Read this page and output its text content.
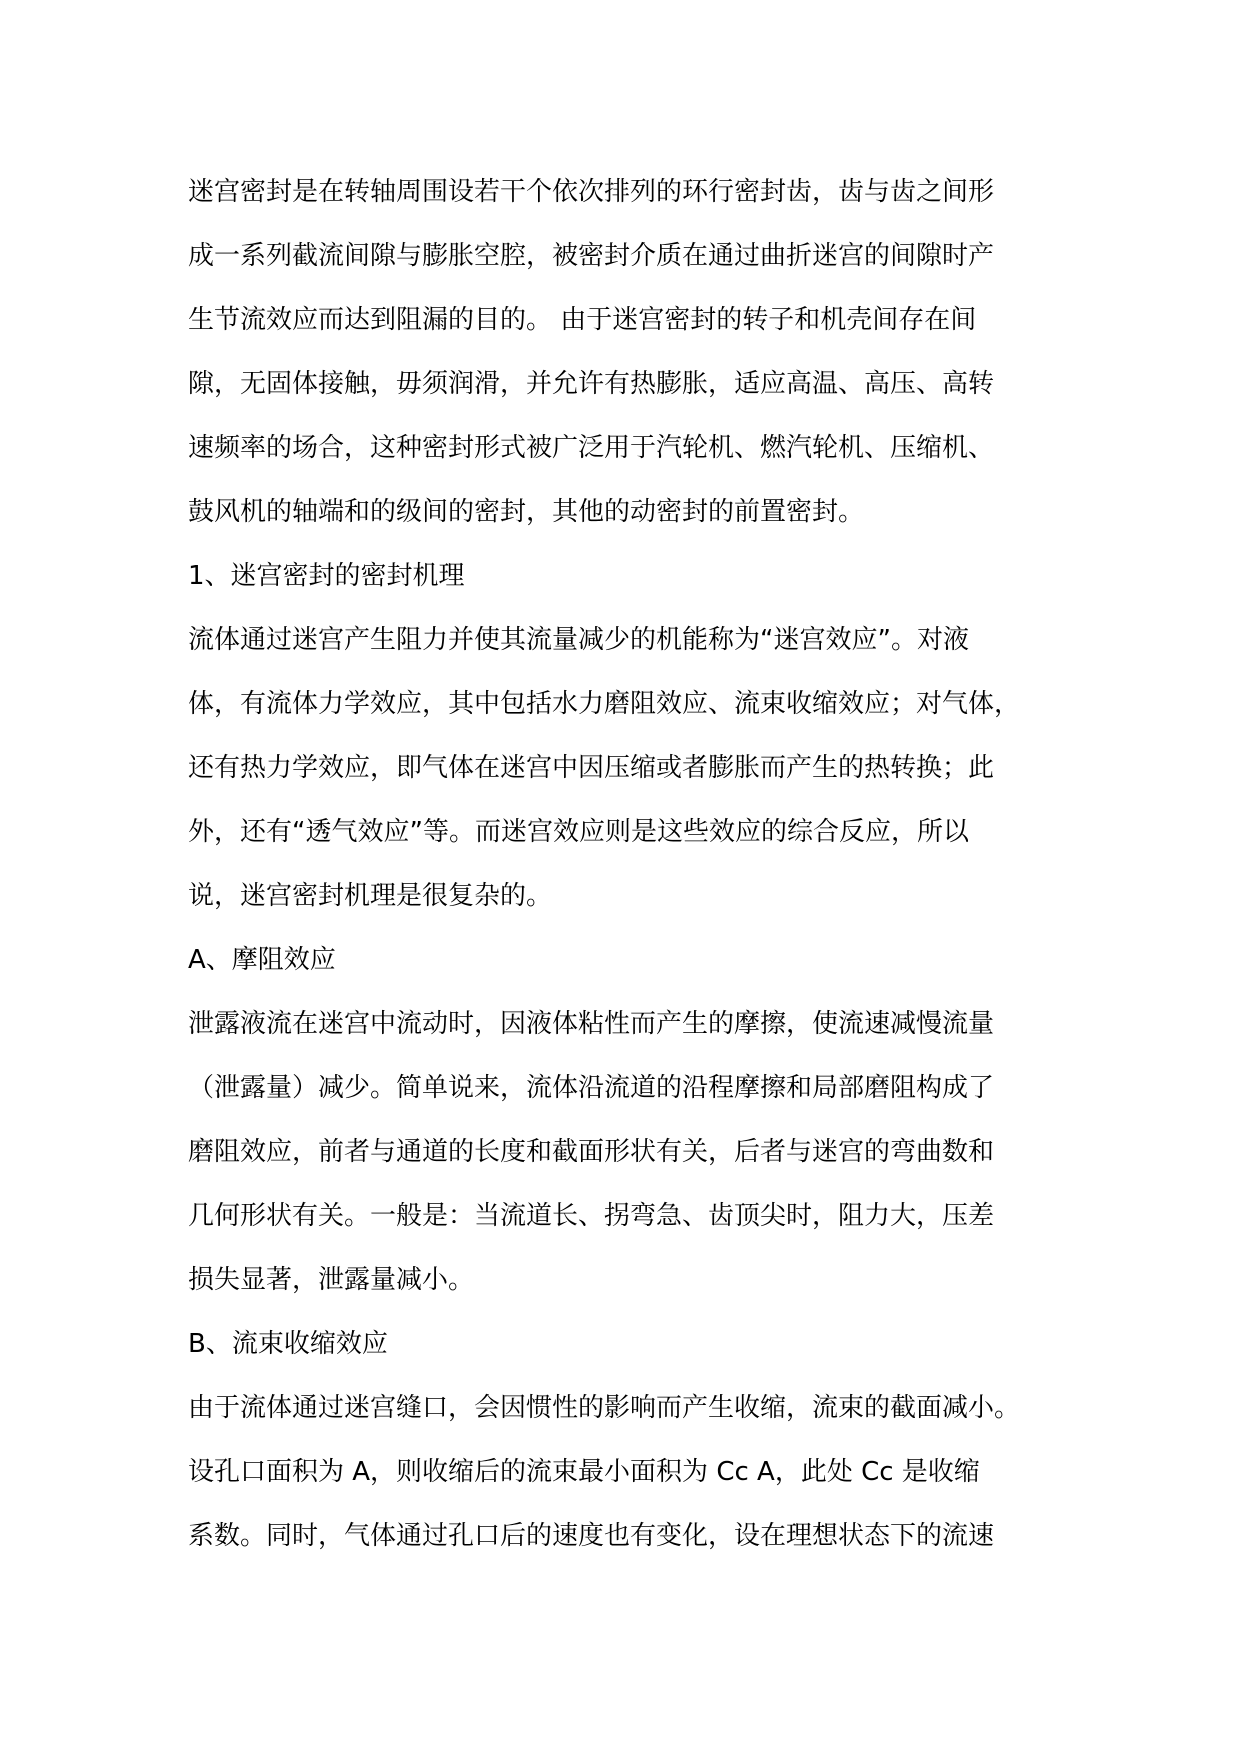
迷宫密封是在转轴周围设若干个依次排列的环行密封齿，齿与齿之间形
成一系列截流间隙与膨胀空腔，被密封介质在通过曲折迷宫的间隙时产
生节流效应而达到阻漏的目的。 由于迷宫密封的转子和机壳间存在间
隙，无固体接触，毋须润滑，并允许有热膨胀，适应高温、高压、高转
速频率的场合，这种密封形式被广泛用于汽轮机、燃汽轮机、压缩机、
鼓风机的轴端和的级间的密封，其他的动密封的前置密封。
1、迷宫密封的密封机理
流体通过迷宫产生阻力并使其流量减少的机能称为“迷宫效应”。对液
体，有流体力学效应，其中包括水力磨阻效应、流束收缩效应；对气体，
还有热力学效应，即气体在迷宫中因压缩或者膨胀而产生的热转换；此
外，还有“透气效应”等。而迷宫效应则是这些效应的综合反应，所以
说，迷宫密封机理是很复杂的。
A、摩阻效应
泄露液流在迷宫中流动时，因液体粘性而产生的摩擦，使流速减慢流量
（泄露量）减少。简单说来，流体沿流道的沿程摩擦和局部磨阻构成了
磨阻效应，前者与通道的长度和截面形状有关，后者与迷宫的弯曲数和
几何形状有关。一般是：当流道长、拐弯急、齿顶尖时，阻力大，压差
损失显著，泄露量减小。
B、流束收缩效应
由于流体通过迷宫缝口，会因惯性的影响而产生收缩，流束的截面减小。
设孔口面积为 A，则收缩后的流束最小面积为 Cc A，此处 Cc 是收缩
系数。同时，气体通过孔口后的速度也有变化，设在理想状态下的流速
